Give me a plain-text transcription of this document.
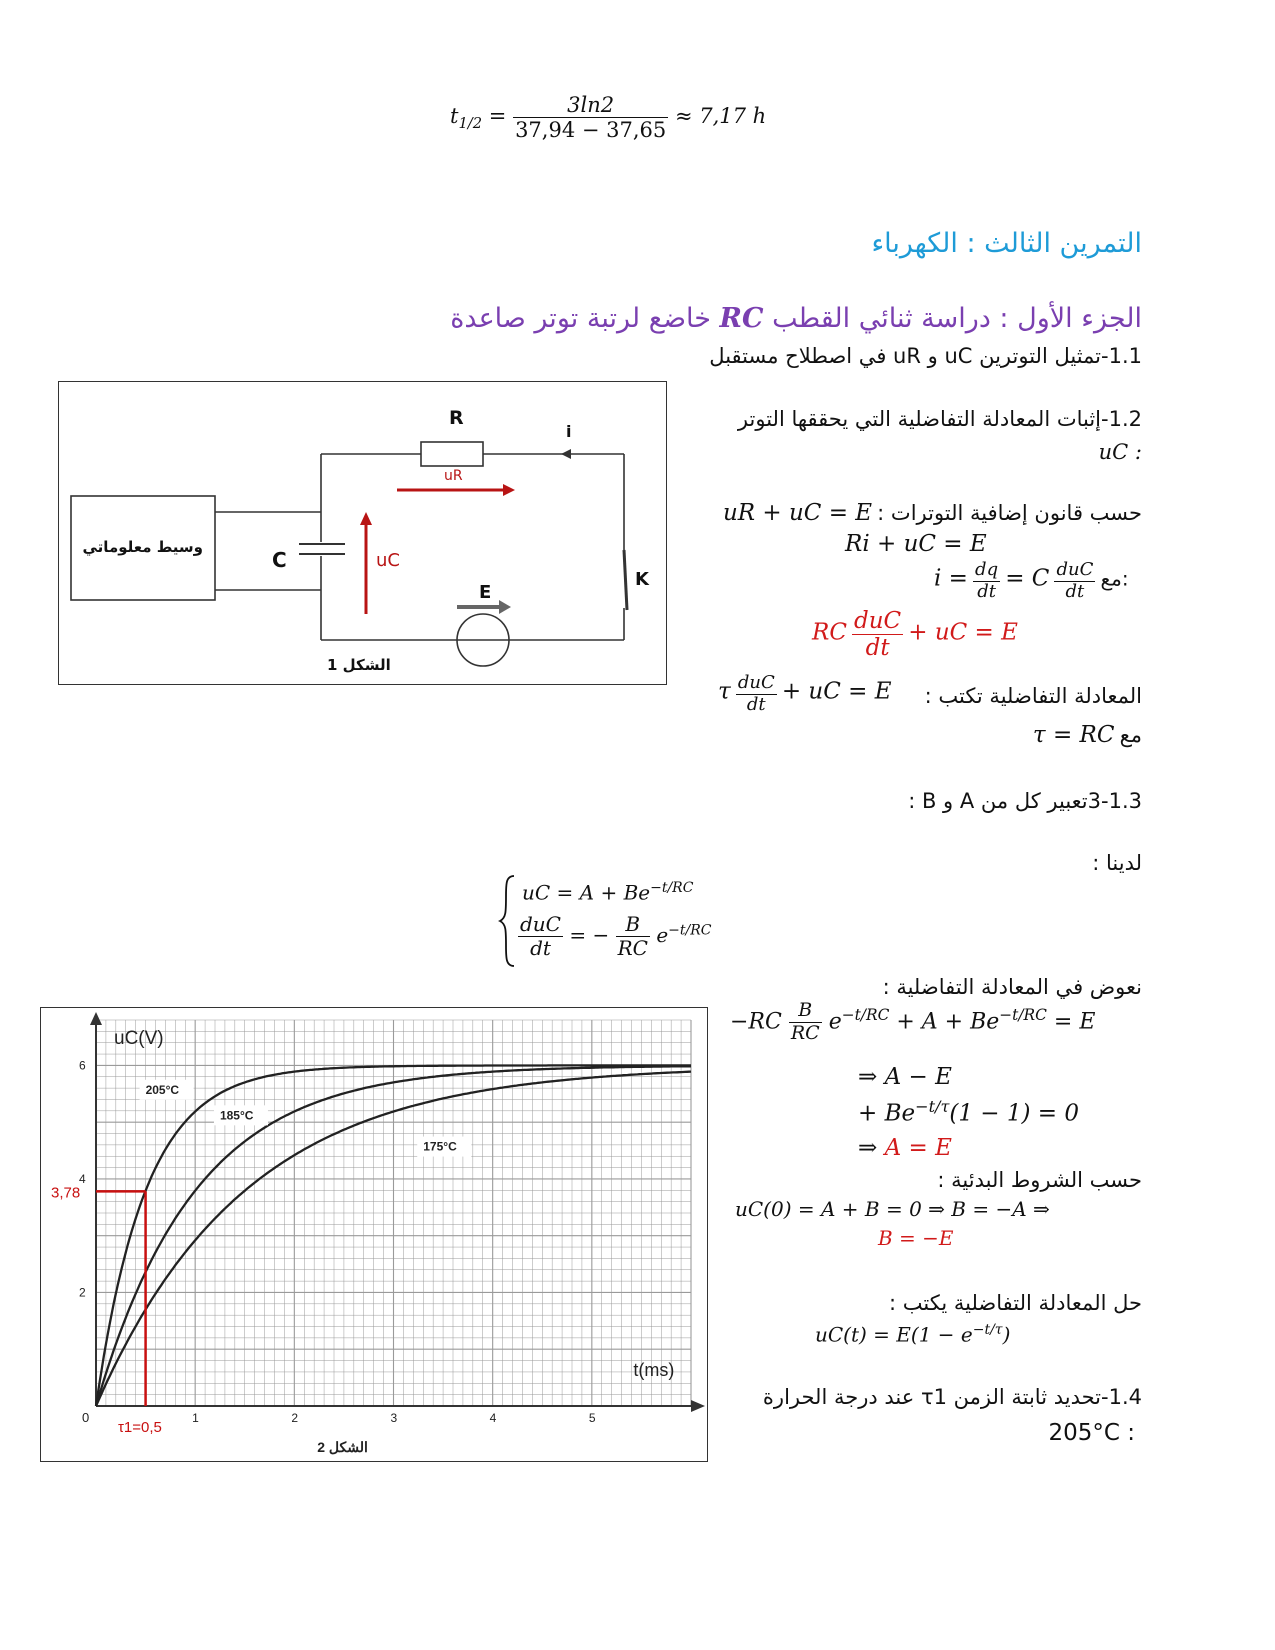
$t_{1/2} = \frac{3\ln 2}{37,94 - 37,65} \approx 7,17$ h
التمرين الثالث : الكهرباء
الجزء الأول : دراسة ثنائي القطب RC خاضع لرتبة توتر صاعدة
1.1-تمثيل التوترين uC و uR في اصطلاح مستقبل
R
i
uR
C	uC
E
K
وسيط معلوماتي
الشكل 1
1.2-إثبات المعادلة التفاضلية التي يحققها التوتر
: uC
حسب قانون إضافية التوترات : uR + uC = E
Ri + uC = E
$i = \frac{dq}{dt} = C \frac{\text{duC}}{dt}$ مع:
RC $\frac{\text{duC}}{dt}$ + uC = E
τ $\frac{\text{duC}}{dt}$ + uC = E المعادلة التفاضلية تكتب :
مع τ = RC
3-1.3تعبير كل من A و B :
لدينا :
uC = $A + Be^{-t/RC}$
$\frac{\text{duC}}{dt}$ = − $\frac{B}{RC} e^{-t/RC}$
نعوض في المعادلة التفاضلية :
$-RC \frac{B}{RC} e^{-t/RC} + A + Be^{-t/RC} = E$
⇒ A − E
+ $Be^{-t/\tau}(1 - 1) = 0$
⇒ A = E
حسب الشروط البدئية :
uC(0) = A + B = 0 ⇒ B = −A ⇒
B = −E
حل المعادلة التفاضلية يكتب :
$uC(t) = E(1 - e^{-t/\tau})$
1.4-تحديد ثابتة الزمن τ1 عند درجة الحرارة
: 205°C
0	1	2	3	4	5
2
4
6
uC(V)
t(ms)
205°C
185°C
175°C
3,78
τ1=0,5
الشكل 2
